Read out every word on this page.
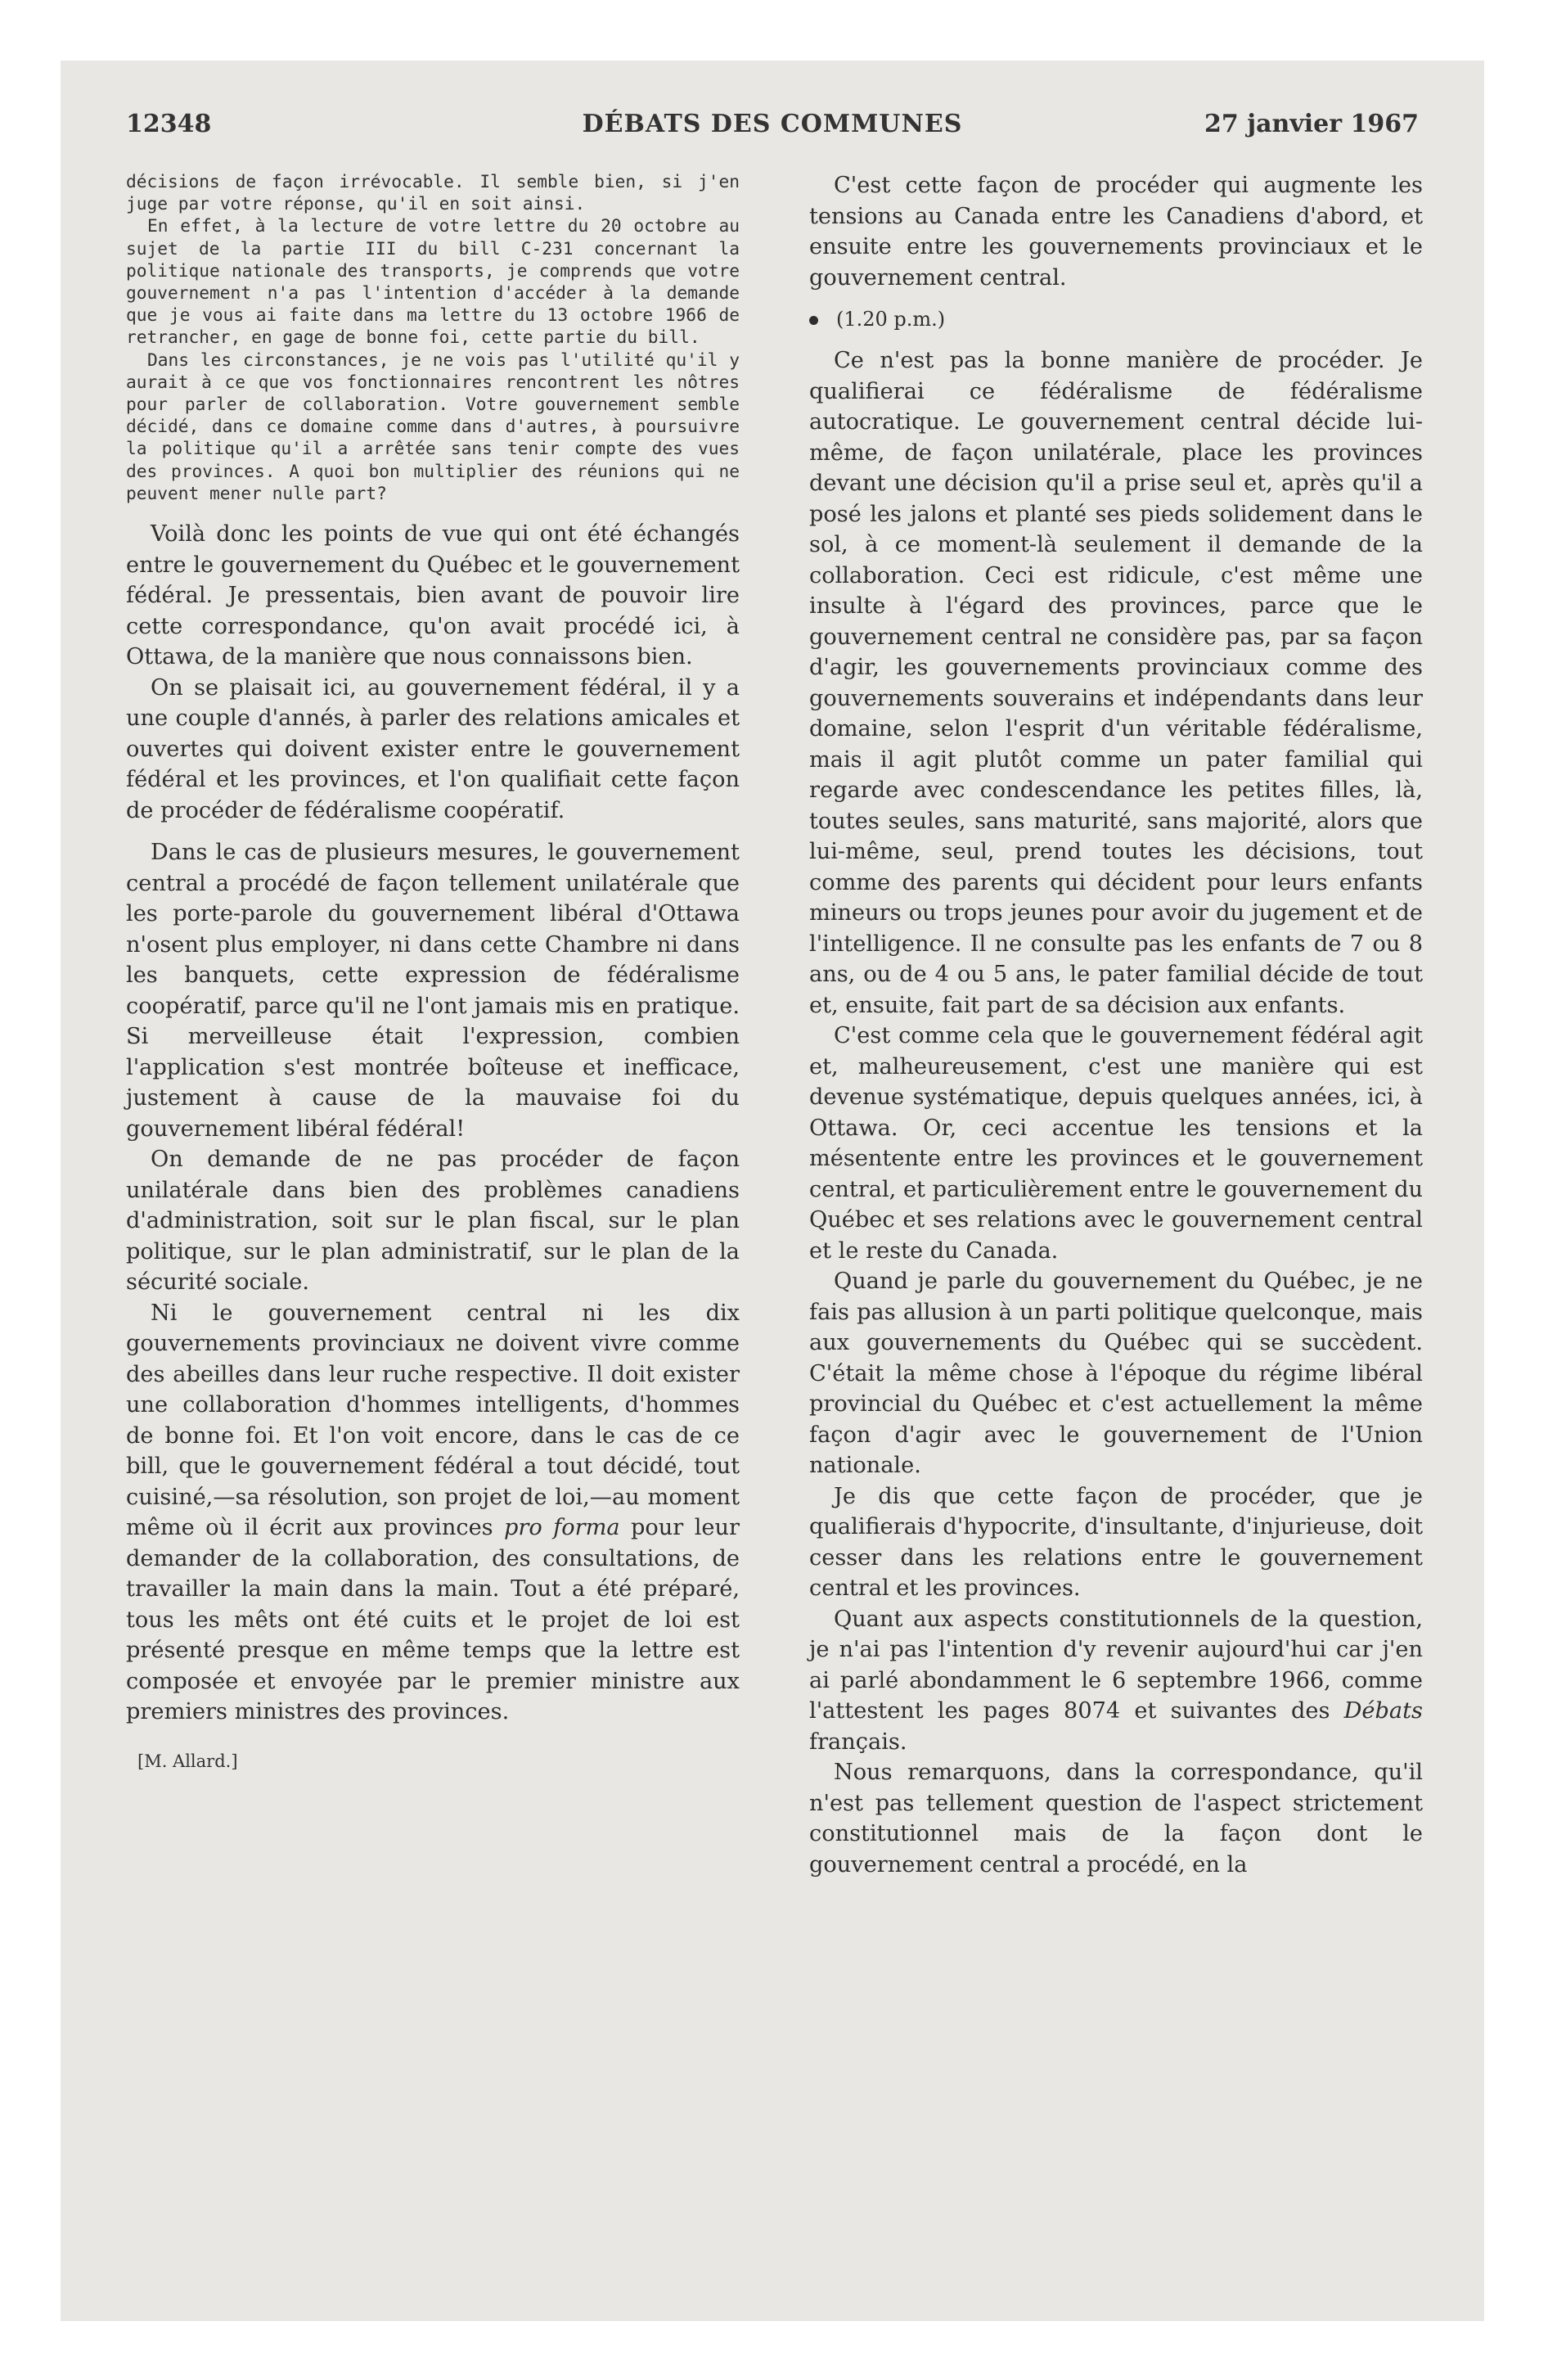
12348	DÉBATS DES COMMUNES	27 janvier 1967

décisions de façon irrévocable. Il semble bien, si j'en juge par votre réponse, qu'il en soit ainsi.

En effet, à la lecture de votre lettre du 20 octobre au sujet de la partie III du bill C-231 concernant la politique nationale des transports, je comprends que votre gouvernement n'a pas l'intention d'accéder à la demande que je vous ai faite dans ma lettre du 13 octobre 1966 de retrancher, en gage de bonne foi, cette partie du bill.

Dans les circonstances, je ne vois pas l'utilité qu'il y aurait à ce que vos fonctionnaires rencontrent les nôtres pour parler de collaboration. Votre gouvernement semble décidé, dans ce domaine comme dans d'autres, à poursuivre la politique qu'il a arrêtée sans tenir compte des vues des provinces. A quoi bon multiplier des réunions qui ne peuvent mener nulle part?

Voilà donc les points de vue qui ont été échangés entre le gouvernement du Québec et le gouvernement fédéral. Je pressentais, bien avant de pouvoir lire cette correspondance, qu'on avait procédé ici, à Ottawa, de la manière que nous connaissons bien.

On se plaisait ici, au gouvernement fédéral, il y a une couple d'annés, à parler des relations amicales et ouvertes qui doivent exister entre le gouvernement fédéral et les provinces, et l'on qualifiait cette façon de procéder de fédéralisme coopératif.

Dans le cas de plusieurs mesures, le gouvernement central a procédé de façon tellement unilatérale que les porte-parole du gouvernement libéral d'Ottawa n'osent plus employer, ni dans cette Chambre ni dans les banquets, cette expression de fédéralisme coopératif, parce qu'il ne l'ont jamais mis en pratique. Si merveilleuse était l'expression, combien l'application s'est montrée boîteuse et inefficace, justement à cause de la mauvaise foi du gouvernement libéral fédéral!

On demande de ne pas procéder de façon unilatérale dans bien des problèmes canadiens d'administration, soit sur le plan fiscal, sur le plan politique, sur le plan administratif, sur le plan de la sécurité sociale.

Ni le gouvernement central ni les dix gouvernements provinciaux ne doivent vivre comme des abeilles dans leur ruche respective. Il doit exister une collaboration d'hommes intelligents, d'hommes de bonne foi. Et l'on voit encore, dans le cas de ce bill, que le gouvernement fédéral a tout décidé, tout cuisiné,—sa résolution, son projet de loi,—au moment même où il écrit aux provinces pro forma pour leur demander de la collaboration, des consultations, de travailler la main dans la main. Tout a été préparé, tous les mêts ont été cuits et le projet de loi est présenté presque en même temps que la lettre est composée et envoyée par le premier ministre aux premiers ministres des provinces.

[M. Allard.]

C'est cette façon de procéder qui augmente les tensions au Canada entre les Canadiens d'abord, et ensuite entre les gouvernements provinciaux et le gouvernement central.

(1.20 p.m.)

Ce n'est pas la bonne manière de procéder. Je qualifierai ce fédéralisme de fédéralisme autocratique. Le gouvernement central décide lui-même, de façon unilatérale, place les provinces devant une décision qu'il a prise seul et, après qu'il a posé les jalons et planté ses pieds solidement dans le sol, à ce moment-là seulement il demande de la collaboration. Ceci est ridicule, c'est même une insulte à l'égard des provinces, parce que le gouvernement central ne considère pas, par sa façon d'agir, les gouvernements provinciaux comme des gouvernements souverains et indépendants dans leur domaine, selon l'esprit d'un véritable fédéralisme, mais il agit plutôt comme un pater familial qui regarde avec condescendance les petites filles, là, toutes seules, sans maturité, sans majorité, alors que lui-même, seul, prend toutes les décisions, tout comme des parents qui décident pour leurs enfants mineurs ou trops jeunes pour avoir du jugement et de l'intelligence. Il ne consulte pas les enfants de 7 ou 8 ans, ou de 4 ou 5 ans, le pater familial décide de tout et, ensuite, fait part de sa décision aux enfants.

C'est comme cela que le gouvernement fédéral agit et, malheureusement, c'est une manière qui est devenue systématique, depuis quelques années, ici, à Ottawa. Or, ceci accentue les tensions et la mésentente entre les provinces et le gouvernement central, et particulièrement entre le gouvernement du Québec et ses relations avec le gouvernement central et le reste du Canada.

Quand je parle du gouvernement du Québec, je ne fais pas allusion à un parti politique quelconque, mais aux gouvernements du Québec qui se succèdent. C'était la même chose à l'époque du régime libéral provincial du Québec et c'est actuellement la même façon d'agir avec le gouvernement de l'Union nationale.

Je dis que cette façon de procéder, que je qualifierais d'hypocrite, d'insultante, d'injurieuse, doit cesser dans les relations entre le gouvernement central et les provinces.

Quant aux aspects constitutionnels de la question, je n'ai pas l'intention d'y revenir aujourd'hui car j'en ai parlé abondamment le 6 septembre 1966, comme l'attestent les pages 8074 et suivantes des Débats français.

Nous remarquons, dans la correspondance, qu'il n'est pas tellement question de l'aspect strictement constitutionnel mais de la façon dont le gouvernement central a procédé, en la
